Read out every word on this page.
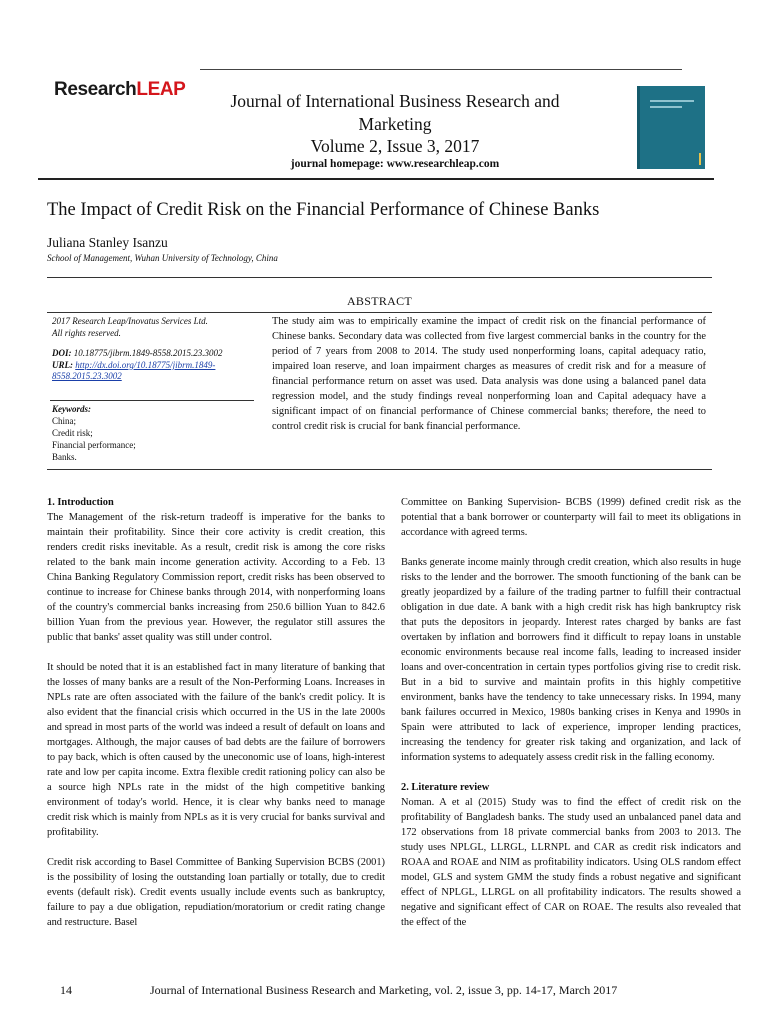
ResearchLEAP
Journal of International Business Research and Marketing
Volume 2, Issue 3, 2017
journal homepage: www.researchleap.com
The Impact of Credit Risk on the Financial Performance of Chinese Banks
Juliana Stanley Isanzu
School of Management, Wuhan University of Technology, China
ABSTRACT
2017 Research Leap/Inovatus Services Ltd.
All rights reserved.
DOI: 10.18775/jibrm.1849-8558.2015.23.3002
URL: http://dx.doi.org/10.18775/jibrm.1849-8558.2015.23.3002
Keywords:
China;
Credit risk;
Financial performance;
Banks.
The study aim was to empirically examine the impact of credit risk on the financial performance of Chinese banks. Secondary data was collected from five largest commercial banks in the country for the period of 7 years from 2008 to 2014. The study used nonperforming loans, capital adequacy ratio, impaired loan reserve, and loan impairment charges as measures of credit risk and for a measure of financial performance return on asset was used. Data analysis was done using a balanced panel data regression model, and the study findings reveal nonperforming loan and Capital adequacy have a significant impact of on financial performance of Chinese commercial banks; therefore, the need to control credit risk is crucial for bank financial performance.
1. Introduction

The Management of the risk-return tradeoff is imperative for the banks to maintain their profitability. Since their core activity is credit creation, this renders credit risks inevitable. As a result, credit risk is among the core risks related to the bank main income generation activity. According to a Feb. 13 China Banking Regulatory Commission report, credit risks has been observed to continue to increase for Chinese banks through 2014, with nonperforming loans of the country's commercial banks increasing from 250.6 billion Yuan to 842.6 billion Yuan from the previous year. However, the regulator still assures the public that banks' asset quality was still under control.

It should be noted that it is an established fact in many literature of banking that the losses of many banks are a result of the Non-Performing Loans. Increases in NPLs rate are often associated with the failure of the bank's credit policy. It is also evident that the financial crisis which occurred in the US in the late 2000s and spread in most parts of the world was indeed a result of default on loans and mortgages. Although, the major causes of bad debts are the failure of borrowers to pay back, which is often caused by the uneconomic use of loans, high-interest rate and low per capita income. Extra flexible credit rationing policy can also be a source high NPLs rate in the midst of the high competitive banking environment of today's world. Hence, it is clear why banks need to manage credit risk which is mainly from NPLs as it is very crucial for banks survival and profitability.

Credit risk according to Basel Committee of Banking Supervision BCBS (2001) is the possibility of losing the outstanding loan partially or totally, due to credit events (default risk). Credit events usually include events such as bankruptcy, failure to pay a due obligation, repudiation/moratorium or credit rating change and restructure. Basel

Committee on Banking Supervision- BCBS (1999) defined credit risk as the potential that a bank borrower or counterparty will fail to meet its obligations in accordance with agreed terms.

Banks generate income mainly through credit creation, which also results in huge risks to the lender and the borrower. The smooth functioning of the bank can be greatly jeopardized by a failure of the trading partner to fulfill their contractual obligation in due date. A bank with a high credit risk has high bankruptcy risk that puts the depositors in jeopardy. Interest rates charged by banks are fast overtaken by inflation and borrowers find it difficult to repay loans in unstable economic environments because real income falls, leading to increased insider loans and over-concentration in certain types portfolios giving rise to credit risk. But in a bid to survive and maintain profits in this highly competitive environment, banks have the tendency to take unnecessary risks. In 1994, many bank failures occurred in Mexico, 1980s banking crises in Kenya and 1990s in Spain were attributed to lack of experience, improper lending practices, increasing the tendency for greater risk taking and organization, and lack of information systems to adequately assess credit risk in the falling economy.

2. Literature review

Noman. A et al (2015) Study was to find the effect of credit risk on the profitability of Bangladesh banks. The study used an unbalanced panel data and 172 observations from 18 private commercial banks from 2003 to 2013. The study uses NPLGL, LLRGL, LLRNPL and CAR as credit risk indicators and ROAA and ROAE and NIM as profitability indicators. Using OLS random effect model, GLS and system GMM the study finds a robust negative and significant effect of NPLGL, LLRGL on all profitability indicators. The results showed a negative and significant effect of CAR on ROAE. The results also revealed that the effect of the

14	Journal of International Business Research and Marketing, vol. 2, issue 3, pp. 14-17, March 2017
